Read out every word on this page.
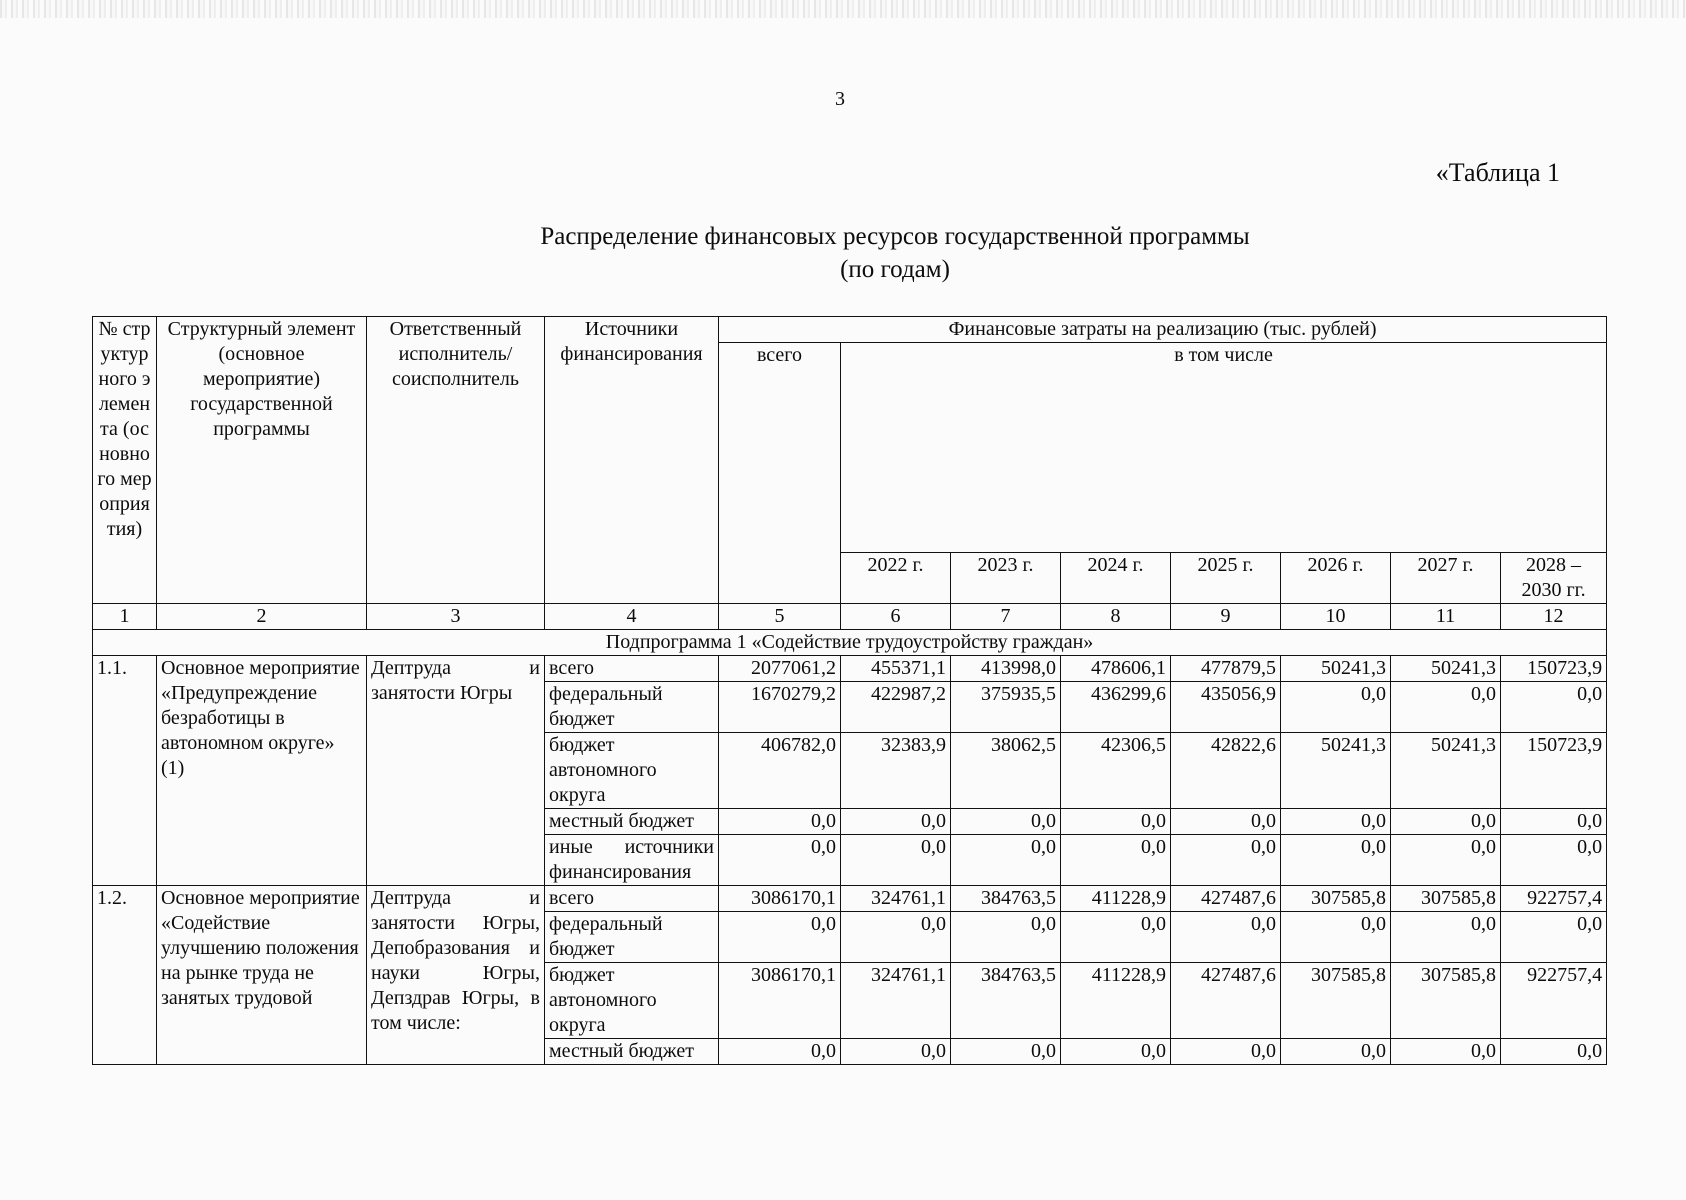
3
«Таблица 1
Распределение финансовых ресурсов государственной программы
(по годам)
№ структурного элемента (основного мероприятия)	Структурный элемент (основное мероприятие) государственной программы	Ответственный исполнитель/ соисполнитель	Источники финансирования	Финансовые затраты на реализацию (тыс. рублей)							
				всего	в том числе						
					2022 г.	2023 г.	2024 г.	2025 г.	2026 г.	2027 г.	2028 – 2030 гг.
1	2	3	4	5	6	7	8	9	10	11	12
Подпрограмма 1 «Содействие трудоустройству граждан»											
1.1.	Основное мероприятие «Предупреждение безработицы в автономном округе» (1)	Дептруда и занятости Югры	всего	2077061,2	455371,1	413998,0	478606,1	477879,5	50241,3	50241,3	150723,9
			федеральный бюджет	1670279,2	422987,2	375935,5	436299,6	435056,9	0,0	0,0	0,0
			бюджет автономного округа	406782,0	32383,9	38062,5	42306,5	42822,6	50241,3	50241,3	150723,9
			местный бюджет	0,0	0,0	0,0	0,0	0,0	0,0	0,0	0,0
			иные источники финансирования	0,0	0,0	0,0	0,0	0,0	0,0	0,0	0,0
1.2.	Основное мероприятие «Содействие улучшению положения на рынке труда не занятых трудовой	Дептруда и занятости Югры, Депобразования и науки Югры, Депздрав Югры, в том числе:	всего	3086170,1	324761,1	384763,5	411228,9	427487,6	307585,8	307585,8	922757,4
			федеральный бюджет	0,0	0,0	0,0	0,0	0,0	0,0	0,0	0,0
			бюджет автономного округа	3086170,1	324761,1	384763,5	411228,9	427487,6	307585,8	307585,8	922757,4
			местный бюджет	0,0	0,0	0,0	0,0	0,0	0,0	0,0	0,0
